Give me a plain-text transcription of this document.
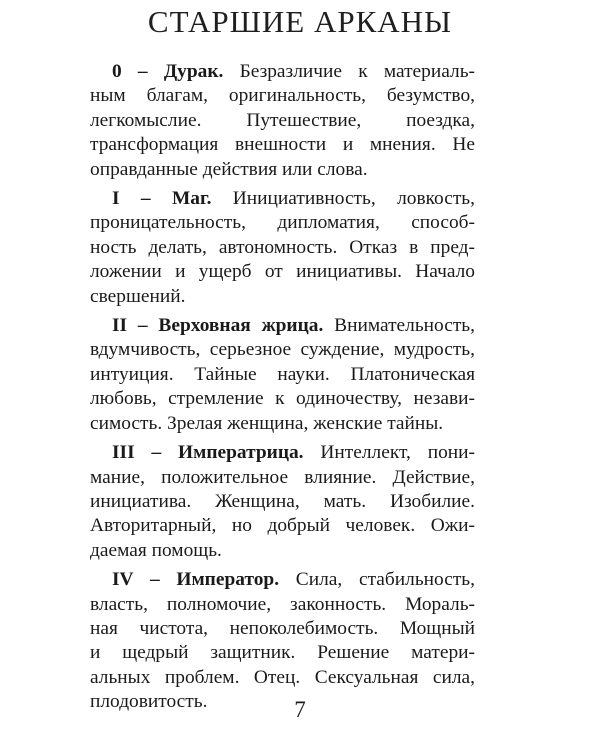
СТАРШИЕ АРКАНЫ
0 – Дурак. Безразличие к материаль-
ным благам, оригинальность, безумство,
легкомыслие. Путешествие, поездка,
трансформация внешности и мнения. Не
оправданные действия или слова.
I – Маг. Инициативность, ловкость,
проницательность, дипломатия, способ-
ность делать, автономность. Отказ в пред-
ложении и ущерб от инициативы. Начало
свершений.
II – Верховная жрица. Внимательность,
вдумчивость, серьезное суждение, мудрость,
интуиция. Тайные науки. Платоническая
любовь, стремление к одиночеству, незави-
симость. Зрелая женщина, женские тайны.
III – Императрица. Интеллект, пони-
мание, положительное влияние. Действие,
инициатива. Женщина, мать. Изобилие.
Авторитарный, но добрый человек. Ожи-
даемая помощь.
IV – Император. Сила, стабильность,
власть, полномочие, законность. Мораль-
ная чистота, непоколебимость. Мощный
и щедрый защитник. Решение матери-
альных проблем. Отец. Сексуальная сила,
плодовитость.	7
